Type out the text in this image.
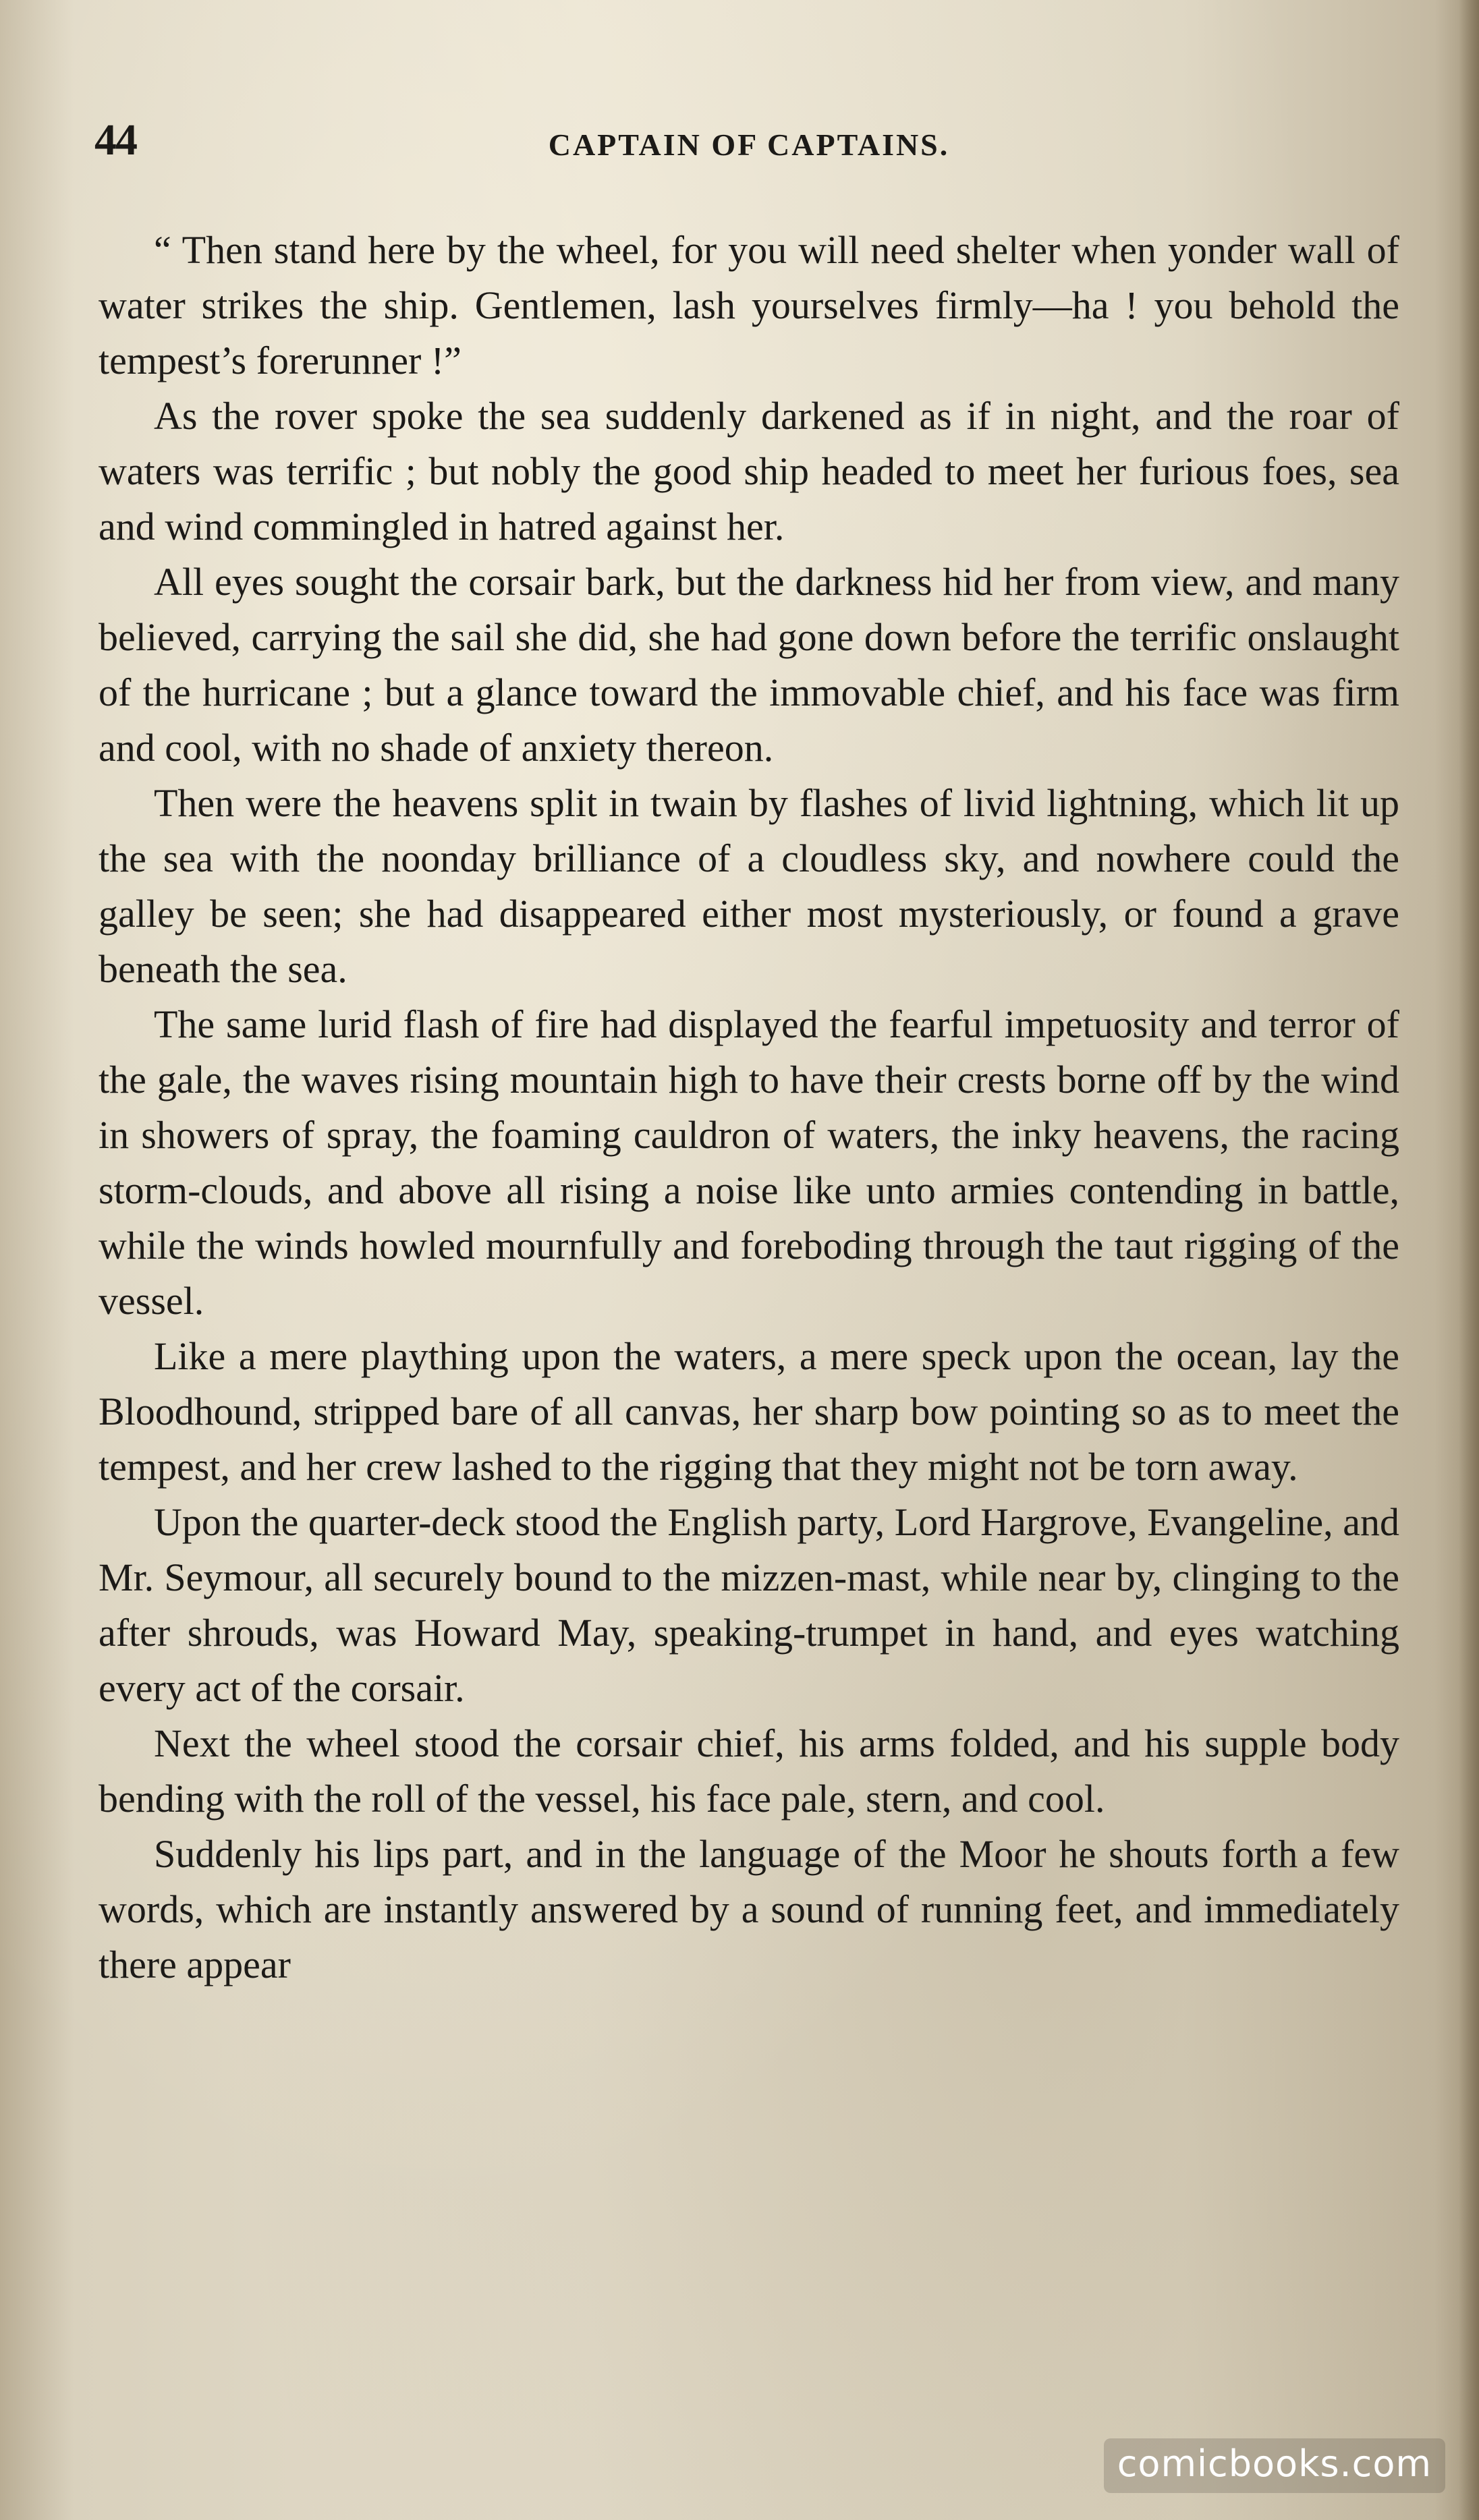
44	CAPTAIN OF CAPTAINS.

“ Then stand here by the wheel, for you will need shelter when yonder wall of water strikes the ship. Gentlemen, lash yourselves firmly—ha ! you behold the tempest’s forerunner !”

As the rover spoke the sea suddenly darkened as if in night, and the roar of waters was terrific ; but nobly the good ship headed to meet her furious foes, sea and wind commingled in hatred against her.

All eyes sought the corsair bark, but the darkness hid her from view, and many believed, carrying the sail she did, she had gone down before the terrific onslaught of the hurricane ; but a glance toward the immovable chief, and his face was firm and cool, with no shade of anxiety thereon.

Then were the heavens split in twain by flashes of livid lightning, which lit up the sea with the noonday brilliance of a cloudless sky, and nowhere could the galley be seen; she had disappeared either most mysteriously, or found a grave beneath the sea.

The same lurid flash of fire had displayed the fearful impetuosity and terror of the gale, the waves rising mountain high to have their crests borne off by the wind in showers of spray, the foaming cauldron of waters, the inky heavens, the racing storm-clouds, and above all rising a noise like unto armies contending in battle, while the winds howled mournfully and foreboding through the taut rigging of the vessel.

Like a mere plaything upon the waters, a mere speck upon the ocean, lay the Bloodhound, stripped bare of all canvas, her sharp bow pointing so as to meet the tempest, and her crew lashed to the rigging that they might not be torn away.

Upon the quarter-deck stood the English party, Lord Hargrove, Evangeline, and Mr. Seymour, all securely bound to the mizzen-mast, while near by, clinging to the after shrouds, was Howard May, speaking-trumpet in hand, and eyes watching every act of the corsair.

Next the wheel stood the corsair chief, his arms folded, and his supple body bending with the roll of the vessel, his face pale, stern, and cool.

Suddenly his lips part, and in the language of the Moor he shouts forth a few words, which are instantly answered by a sound of running feet, and immediately there appear

comicbooks.com
